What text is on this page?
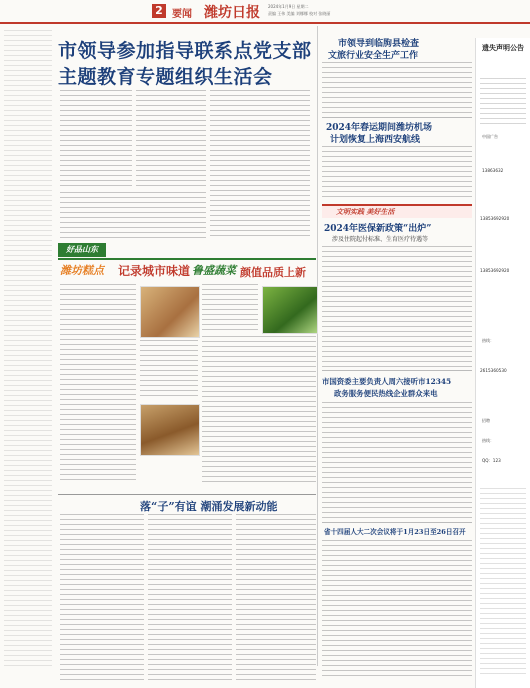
2 要闻 潍坊日报 2024年1月9日 星期二
责编 王伟 美编 刘娜娜 校对 张晓丽
市领导参加指导联系点党支部
主题教育专题组织生活会
市领导到临朐县检查
文旅行业安全生产工作
2024年春运期间潍坊机场
计划恢复上海西安航线
文明实践 美好生活
2024年医保新政策“出炉”
涉及住院起付标准、生育医疗待遇等
市国资委主要负责人周六接听市12345
政务服务便民热线企业群众来电
省十四届人大二次会议将于1月23日至26日召开
好品山东
潍坊糕点 记录城市味道 鲁盛蔬菜 颜值品质上新
落“子”有谊 潮涌发展新动能
遗失声明公告
中国广告
13863632
13853692920
13853692920
热线：
2615360530
招聘
热线：
QQ：123
